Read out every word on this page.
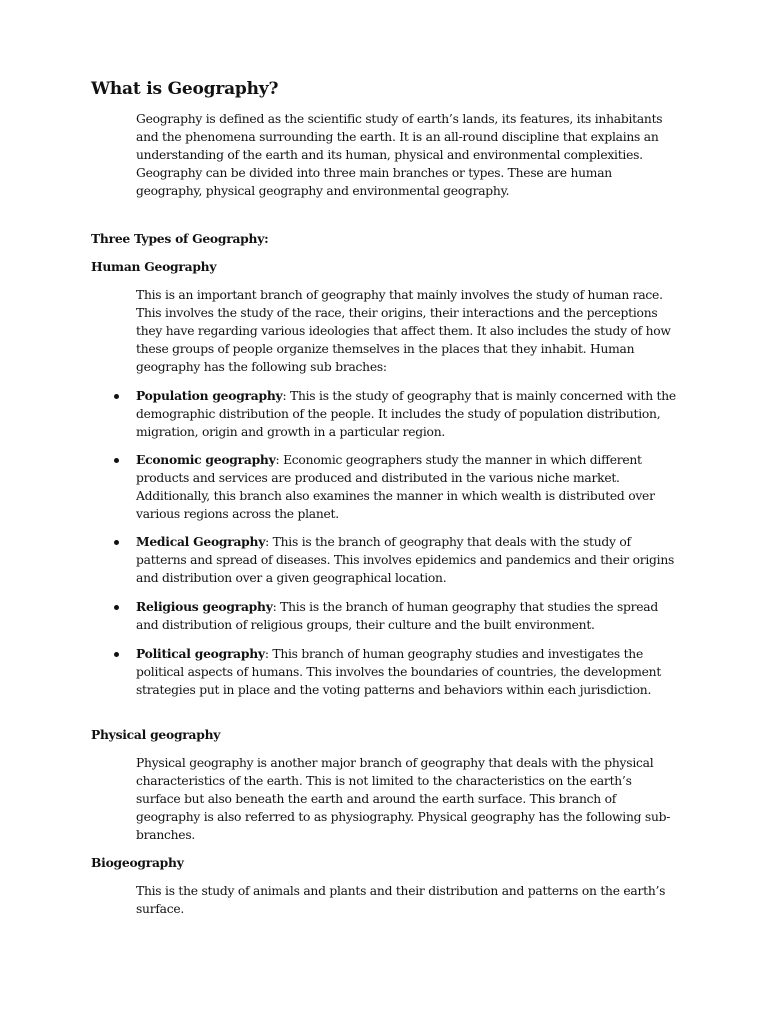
What is Geography?

Geography is defined as the scientific study of earth’s lands, its features, its inhabitants and the phenomena surrounding the earth. It is an all-round discipline that explains an understanding of the earth and its human, physical and environmental complexities. Geography can be divided into three main branches or types. These are human geography, physical geography and environmental geography.

Three Types of Geography:

Human Geography

This is an important branch of geography that mainly involves the study of human race. This involves the study of the race, their origins, their interactions and the perceptions they have regarding various ideologies that affect them. It also includes the study of how these groups of people organize themselves in the places that they inhabit. Human geography has the following sub braches:

Population geography: This is the study of geography that is mainly concerned with the demographic distribution of the people. It includes the study of population distribution, migration, origin and growth in a particular region.
Economic geography: Economic geographers study the manner in which different products and services are produced and distributed in the various niche market. Additionally, this branch also examines the manner in which wealth is distributed over various regions across the planet.
Medical Geography: This is the branch of geography that deals with the study of patterns and spread of diseases. This involves epidemics and pandemics and their origins and distribution over a given geographical location.
Religious geography: This is the branch of human geography that studies the spread and distribution of religious groups, their culture and the built environment.
Political geography: This branch of human geography studies and investigates the political aspects of humans. This involves the boundaries of countries, the development strategies put in place and the voting patterns and behaviors within each jurisdiction.

Physical geography

Physical geography is another major branch of geography that deals with the physical characteristics of the earth. This is not limited to the characteristics on the earth’s surface but also beneath the earth and around the earth surface. This branch of geography is also referred to as physiography. Physical geography has the following sub-branches.

Biogeography

This is the study of animals and plants and their distribution and patterns on the earth’s surface.
